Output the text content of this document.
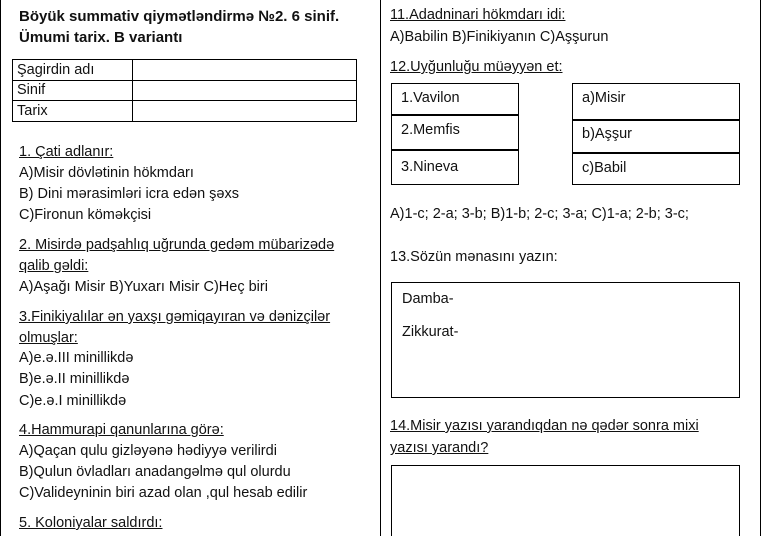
Böyük summativ qiymətləndirmə №2. 6 sinif.
Ümumi tarix. B variantı
Şagirdin adı	
Sinif	
Tarix	
1. Çati adlanır:
A)Misir dövlətinin hökmdarı
B) Dini mərasimləri icra edən şəxs
C)Fironun köməkçisi
2. Misirdə padşahlıq uğrunda gedəm mübarizədə
qalib gəldi:
A)Aşağı Misir B)Yuxarı Misir C)Heç biri
3.Finikiyalılar ən yaxşı gəmiqayıran və dənizçilər
olmuşlar:
A)e.ə.III minillikdə
B)e.ə.II minillikdə
C)e.ə.I minillikdə
4.Hammurapi qanunlarına görə:
A)Qaçan qulu gizləyənə hədiyyə verilirdi
B)Qulun övladları anadangəlmə qul olurdu
C)Valideyninin biri azad olan ,qul hesab edilir
5. Koloniyalar saldırdı:
11.Adadninari hökmdarı idi:
A)Babilin B)Finikiyanın C)Aşşurun
12.Uyğunluğu müəyyən et:
1.Vavilon
2.Memfis
3.Nineva
a)Misir
b)Aşşur
c)Babil
A)1-c; 2-a; 3-b; B)1-b; 2-c; 3-a; C)1-a; 2-b; 3-c;
13.Sözün mənasını yazın:
Damba-
Zikkurat-
14.Misir yazısı yarandıqdan nə qədər sonra mixi
yazısı yarandı?
